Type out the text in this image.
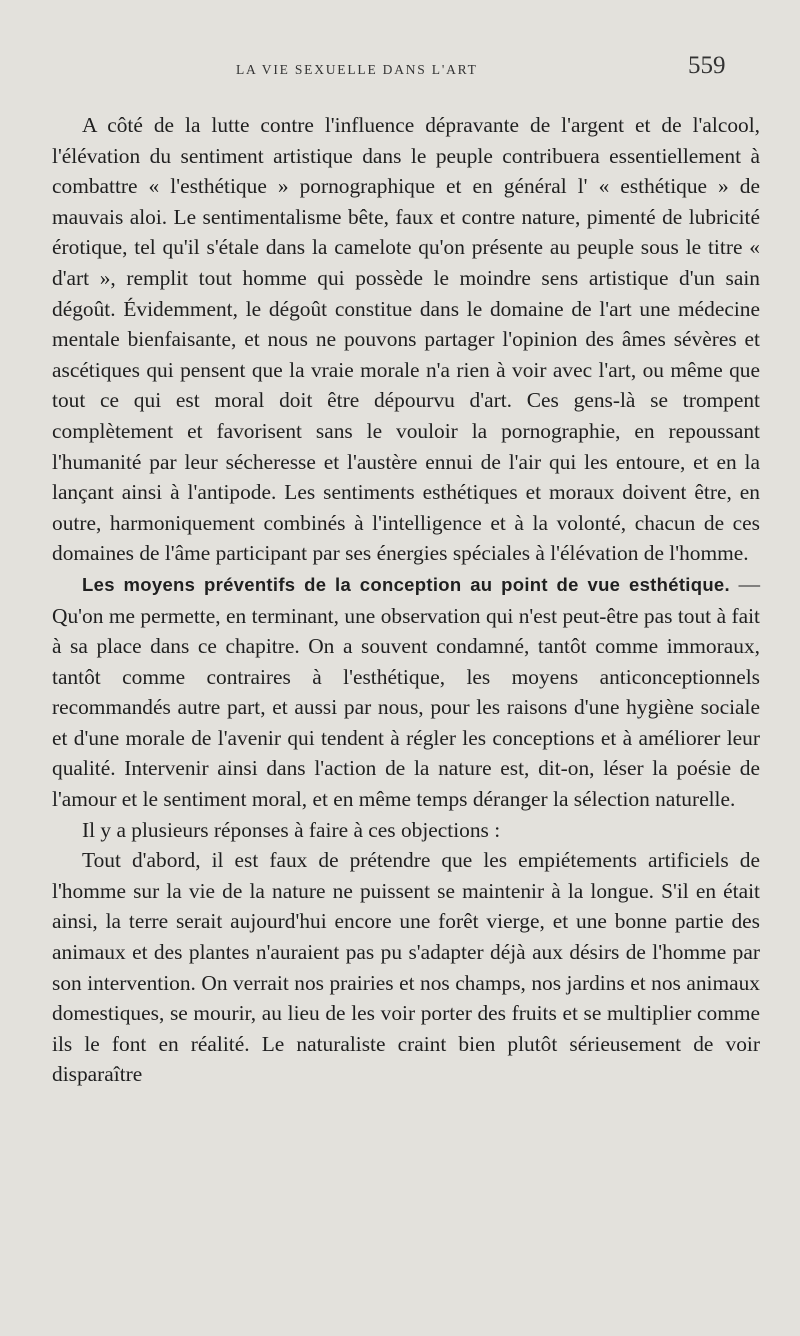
LA VIE SEXUELLE DANS L'ART	559

A côté de la lutte contre l'influence dépravante de l'argent et de l'alcool, l'élévation du sentiment artistique dans le peuple contribuera essentiellement à combattre « l'esthétique » pornographique et en général l' « esthétique » de mauvais aloi. Le sentimentalisme bête, faux et contre nature, pimenté de lubricité érotique, tel qu'il s'étale dans la camelote qu'on présente au peuple sous le titre « d'art », remplit tout homme qui possède le moindre sens artistique d'un sain dégoût. Évidemment, le dégoût constitue dans le domaine de l'art une médecine mentale bienfaisante, et nous ne pouvons partager l'opinion des âmes sévères et ascétiques qui pensent que la vraie morale n'a rien à voir avec l'art, ou même que tout ce qui est moral doit être dépourvu d'art. Ces gens-là se trompent complètement et favorisent sans le vouloir la pornographie, en repoussant l'humanité par leur sécheresse et l'austère ennui de l'air qui les entoure, et en la lançant ainsi à l'antipode. Les sentiments esthétiques et moraux doivent être, en outre, harmoniquement combinés à l'intelligence et à la volonté, chacun de ces domaines de l'âme participant par ses énergies spéciales à l'élévation de l'homme.

Les moyens préventifs de la conception au point de vue esthétique. — Qu'on me permette, en terminant, une observation qui n'est peut-être pas tout à fait à sa place dans ce chapitre. On a souvent condamné, tantôt comme immoraux, tantôt comme contraires à l'esthétique, les moyens anticonceptionnels recommandés autre part, et aussi par nous, pour les raisons d'une hygiène sociale et d'une morale de l'avenir qui tendent à régler les conceptions et à améliorer leur qualité. Intervenir ainsi dans l'action de la nature est, dit-on, léser la poésie de l'amour et le sentiment moral, et en même temps déranger la sélection naturelle.

Il y a plusieurs réponses à faire à ces objections :

Tout d'abord, il est faux de prétendre que les empiétements artificiels de l'homme sur la vie de la nature ne puissent se maintenir à la longue. S'il en était ainsi, la terre serait aujourd'hui encore une forêt vierge, et une bonne partie des animaux et des plantes n'auraient pas pu s'adapter déjà aux désirs de l'homme par son intervention. On verrait nos prairies et nos champs, nos jardins et nos animaux domestiques, se mourir, au lieu de les voir porter des fruits et se multiplier comme ils le font en réalité. Le naturaliste craint bien plutôt sérieusement de voir disparaître
